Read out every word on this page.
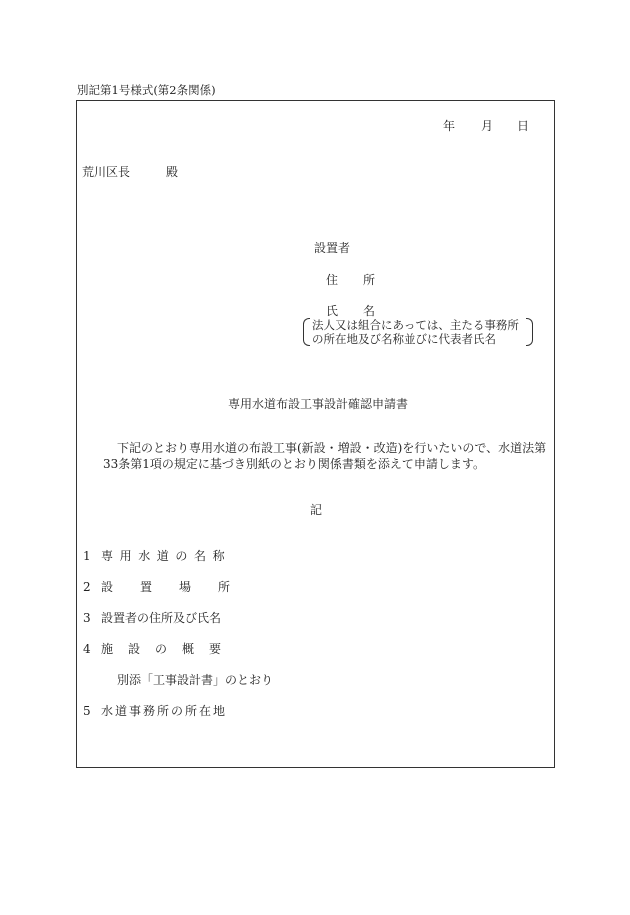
別記第1号様式(第2条関係)
年 月 日
荒川区長	殿
設置者
住 所
氏 名
法人又は組合にあっては、主たる事務所
の所在地及び名称並びに代表者氏名
専用水道布設工事設計確認申請書
下記のとおり専用水道の布設工事(新設・増設・改造)を行いたいので、水道法第
33条第1項の規定に基づき別紙のとおり関係書類を添えて申請します。
記
1 専用水道の名称
2 設置場所
3 設置者の住所及び氏名
4 施設の概要
別添「工事設計書」のとおり
5 水道事務所の所在地
